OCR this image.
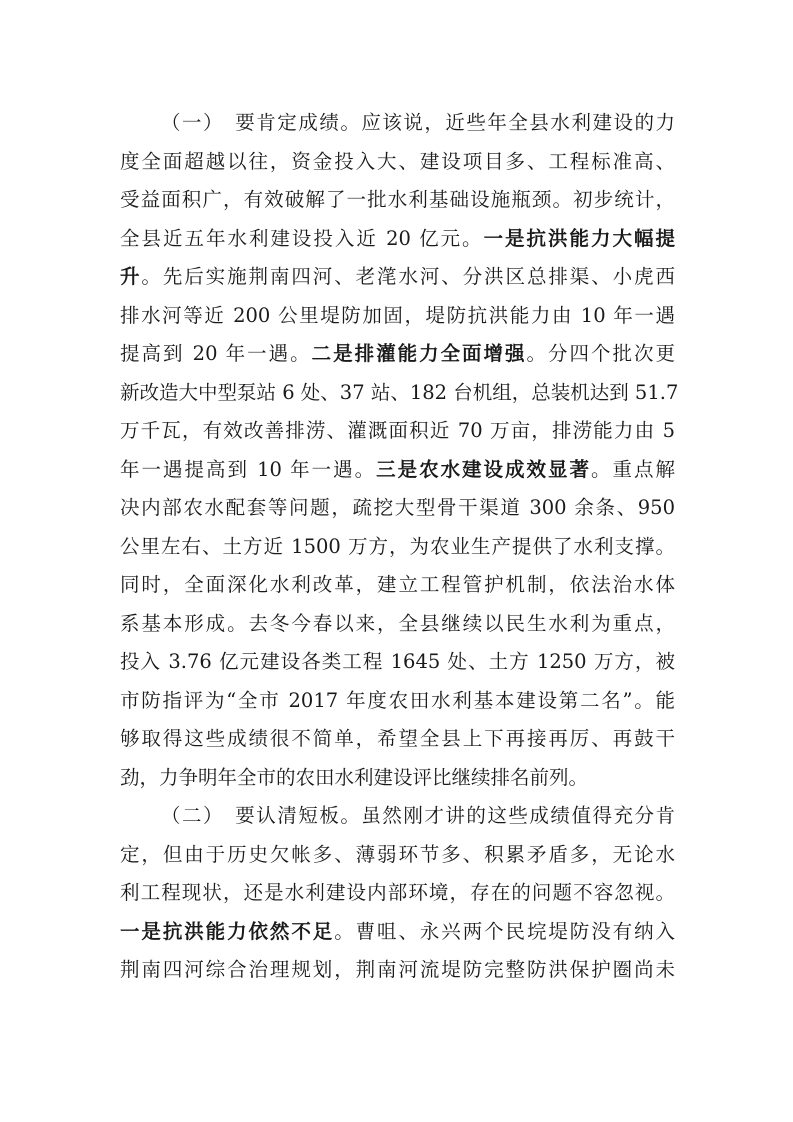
（一）　要肯定成绩。应该说，近些年全县水利建设的力
度全面超越以往，资金投入大、建设项目多、工程标准高、
受益面积广，有效破解了一批水利基础设施瓶颈。初步统计，
全县近五年水利建设投入近 20 亿元。一是抗洪能力大幅提
升。先后实施荆南四河、老滗水河、分洪区总排渠、小虎西
排水河等近 200 公里堤防加固，堤防抗洪能力由 10 年一遇
提高到 20 年一遇。二是排灌能力全面增强。分四个批次更
新改造大中型泵站 6 处、37 站、182 台机组，总装机达到 51.7
万千瓦，有效改善排涝、灌溉面积近 70 万亩，排涝能力由 5
年一遇提高到 10 年一遇。三是农水建设成效显著。重点解
决内部农水配套等问题，疏挖大型骨干渠道 300 余条、950
公里左右、土方近 1500 万方，为农业生产提供了水利支撑。
同时，全面深化水利改革，建立工程管护机制，依法治水体
系基本形成。去冬今春以来，全县继续以民生水利为重点，
投入 3.76 亿元建设各类工程 1645 处、土方 1250 万方，被
市防指评为“全市 2017 年度农田水利基本建设第二名”。能
够取得这些成绩很不简单，希望全县上下再接再厉、再鼓干
劲，力争明年全市的农田水利建设评比继续排名前列。
（二）　要认清短板。虽然刚才讲的这些成绩值得充分肯
定，但由于历史欠帐多、薄弱环节多、积累矛盾多，无论水
利工程现状，还是水利建设内部环境，存在的问题不容忽视。
一是抗洪能力依然不足。曹咀、永兴两个民垸堤防没有纳入
荆南四河综合治理规划，荆南河流堤防完整防洪保护圈尚未
